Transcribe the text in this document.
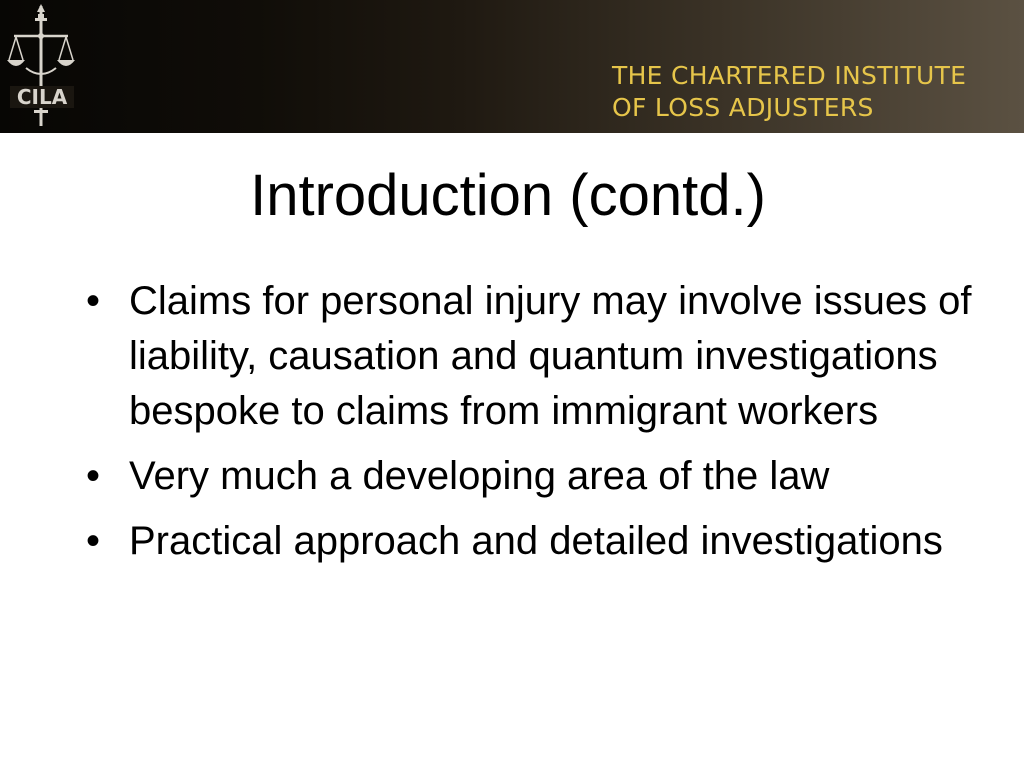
CILA
THE CHARTERED INSTITUTE
OF LOSS ADJUSTERS
Introduction (contd.)
• Claims for personal injury may involve issues of liability, causation and quantum investigations bespoke to claims from immigrant workers
• Very much a developing area of the law
• Practical approach and detailed investigations
